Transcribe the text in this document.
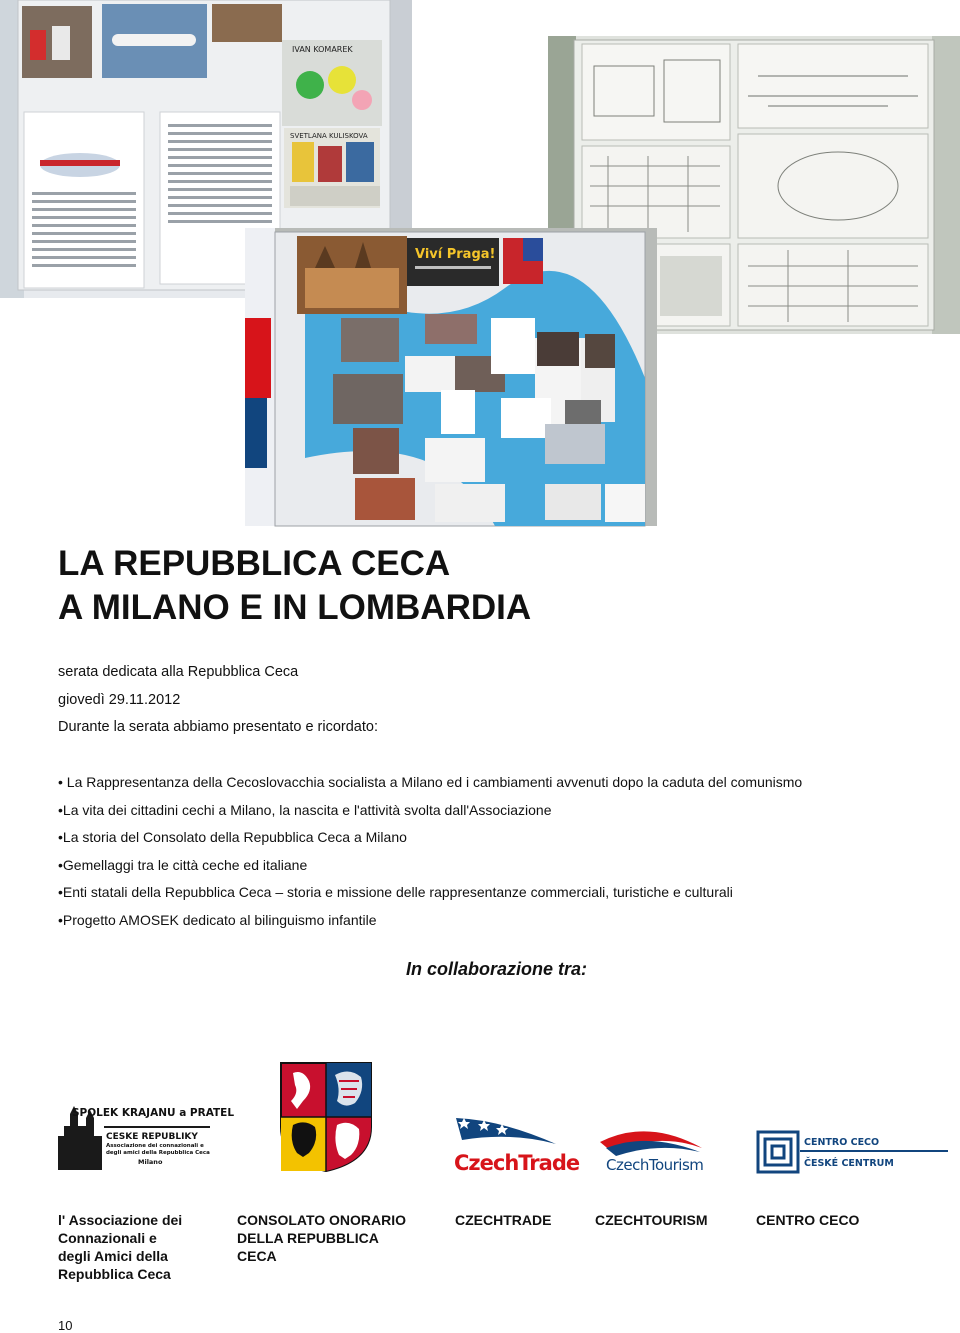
IVAN KOMAREK
SVETLANA KULISKOVA
Viví Praga!
LA REPUBBLICA CECA
A MILANO E IN LOMBARDIA
serata dedicata alla Repubblica Ceca
giovedì 29.11.2012
Durante la serata abbiamo presentato e ricordato:
• La Rappresentanza della Cecoslovacchia socialista a Milano ed i cambiamenti avvenuti dopo la caduta del comunismo
•La vita dei cittadini cechi a Milano, la nascita e l'attività svolta dall'Associazione
•La storia del Consolato della Repubblica Ceca a Milano
•Gemellaggi tra le città ceche ed italiane
•Enti statali della Repubblica Ceca – storia e missione delle rappresentanze commerciali, turistiche e culturali
•Progetto AMOSEK dedicato al bilinguismo infantile
In collaborazione tra:
SPOLEK KRAJANU a PRATEL
CESKE REPUBLIKY
Associazione dei connazionali e
degli amici della Repubblica Ceca
Milano	CzechTrade CzechTourism
CENTRO CECO
ČESKÉ CENTRUM
l' Associazione dei
Connazionali e
degli Amici della
Repubblica Ceca
CONSOLATO ONORARIO
DELLA REPUBBLICA
CECA
CZECHTRADE	CZECHTOURISM	CENTRO CECO
10
